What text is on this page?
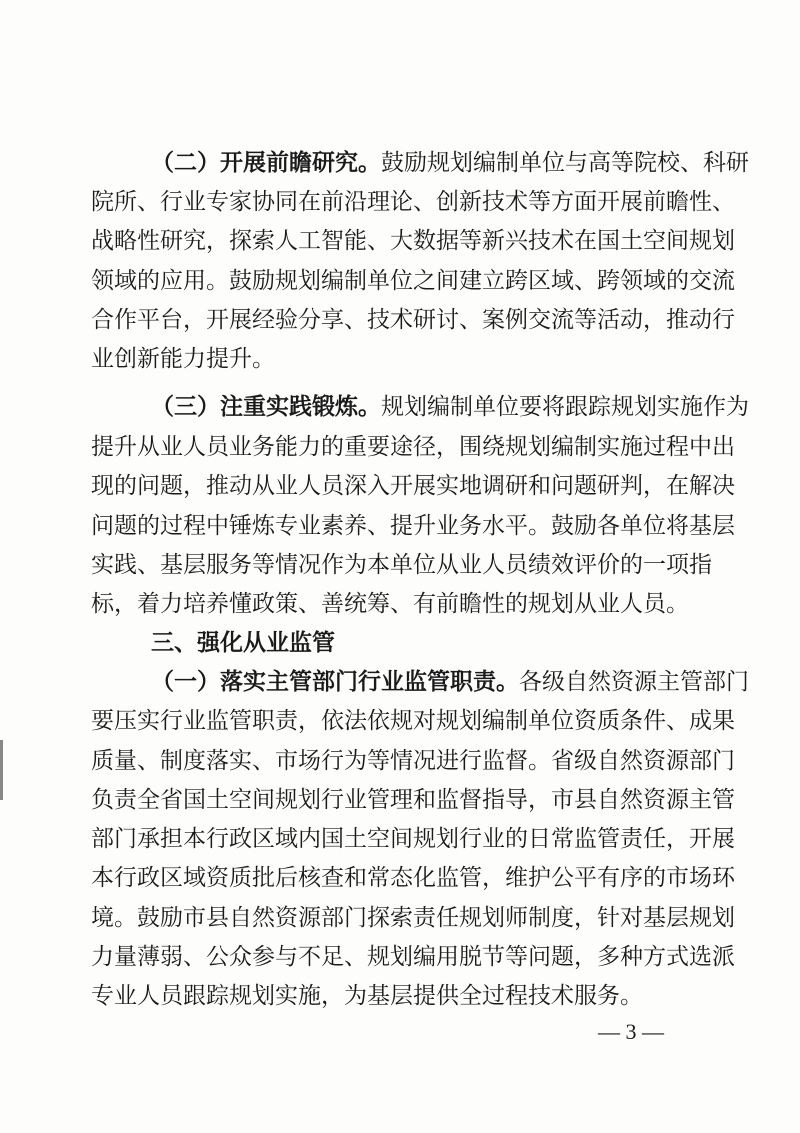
（二）开展前瞻研究。鼓励规划编制单位与高等院校、科研
院所、行业专家协同在前沿理论、创新技术等方面开展前瞻性、
战略性研究，探索人工智能、大数据等新兴技术在国土空间规划
领域的应用。鼓励规划编制单位之间建立跨区域、跨领域的交流
合作平台，开展经验分享、技术研讨、案例交流等活动，推动行
业创新能力提升。
（三）注重实践锻炼。规划编制单位要将跟踪规划实施作为
提升从业人员业务能力的重要途径，围绕规划编制实施过程中出
现的问题，推动从业人员深入开展实地调研和问题研判，在解决
问题的过程中锤炼专业素养、提升业务水平。鼓励各单位将基层
实践、基层服务等情况作为本单位从业人员绩效评价的一项指
标，着力培养懂政策、善统筹、有前瞻性的规划从业人员。
三、强化从业监管
（一）落实主管部门行业监管职责。各级自然资源主管部门
要压实行业监管职责，依法依规对规划编制单位资质条件、成果
质量、制度落实、市场行为等情况进行监督。省级自然资源部门
负责全省国土空间规划行业管理和监督指导，市县自然资源主管
部门承担本行政区域内国土空间规划行业的日常监管责任，开展
本行政区域资质批后核查和常态化监管，维护公平有序的市场环
境。鼓励市县自然资源部门探索责任规划师制度，针对基层规划
力量薄弱、公众参与不足、规划编用脱节等问题，多种方式选派
专业人员跟踪规划实施，为基层提供全过程技术服务。
— 3 —
